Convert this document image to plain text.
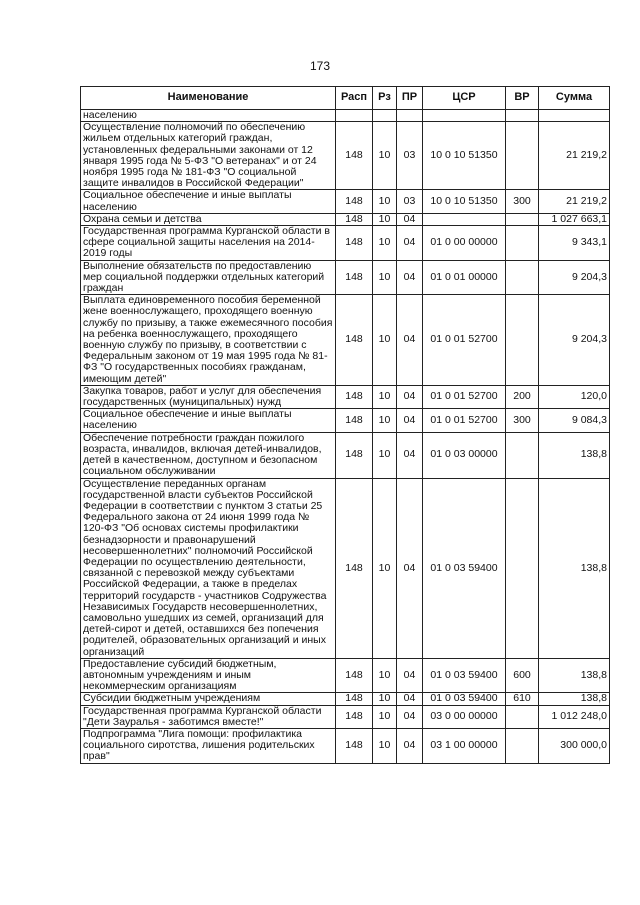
173
Наименование	Расп	Рз	ПР	ЦСР	ВР	Сумма
населению						
Осуществление полномочий по обеспечению жильем отдельных категорий граждан, установленных федеральными законами от 12 января 1995 года № 5-ФЗ "О ветеранах" и от 24 ноября 1995 года № 181-ФЗ "О социальной защите инвалидов в Российской Федерации"	148	10	03	10 0 10 51350		21 219,2
Социальное обеспечение и иные выплаты населению	148	10	03	10 0 10 51350	300	21 219,2
Охрана семьи и детства	148	10	04			1 027 663,1
Государственная программа Курганской области в сфере социальной защиты населения на 2014-2019 годы	148	10	04	01 0 00 00000		9 343,1
Выполнение обязательств по предоставлению мер социальной поддержки отдельных категорий граждан	148	10	04	01 0 01 00000		9 204,3
Выплата единовременного пособия беременной жене военнослужащего, проходящего военную службу по призыву, а также ежемесячного пособия на ребенка военнослужащего, проходящего военную службу по призыву, в соответствии с Федеральным законом от 19 мая 1995 года № 81-ФЗ "О государственных пособиях гражданам, имеющим детей"	148	10	04	01 0 01 52700		9 204,3
Закупка товаров, работ и услуг для обеспечения государственных (муниципальных) нужд	148	10	04	01 0 01 52700	200	120,0
Социальное обеспечение и иные выплаты населению	148	10	04	01 0 01 52700	300	9 084,3
Обеспечение потребности граждан пожилого возраста, инвалидов, включая детей-инвалидов, детей в качественном, доступном и безопасном социальном обслуживании	148	10	04	01 0 03 00000		138,8
Осуществление переданных органам государственной власти субъектов Российской Федерации в соответствии с пунктом 3 статьи 25 Федерального закона от 24 июня 1999 года № 120-ФЗ "Об основах системы профилактики безнадзорности и правонарушений несовершеннолетних" полномочий Российской Федерации по осуществлению деятельности, связанной с перевозкой между субъектами Российской Федерации, а также в пределах территорий государств - участников Содружества Независимых Государств несовершеннолетних, самовольно ушедших из семей, организаций для детей-сирот и детей, оставшихся без попечения родителей, образовательных организаций и иных организаций	148	10	04	01 0 03 59400		138,8
Предоставление субсидий бюджетным, автономным учреждениям и иным некоммерческим организациям	148	10	04	01 0 03 59400	600	138,8
Субсидии бюджетным учреждениям	148	10	04	01 0 03 59400	610	138,8
Государственная программа Курганской области "Дети Зауралья - заботимся вместе!"	148	10	04	03 0 00 00000		1 012 248,0
Подпрограмма "Лига помощи: профилактика социального сиротства, лишения родительских прав"	148	10	04	03 1 00 00000		300 000,0
